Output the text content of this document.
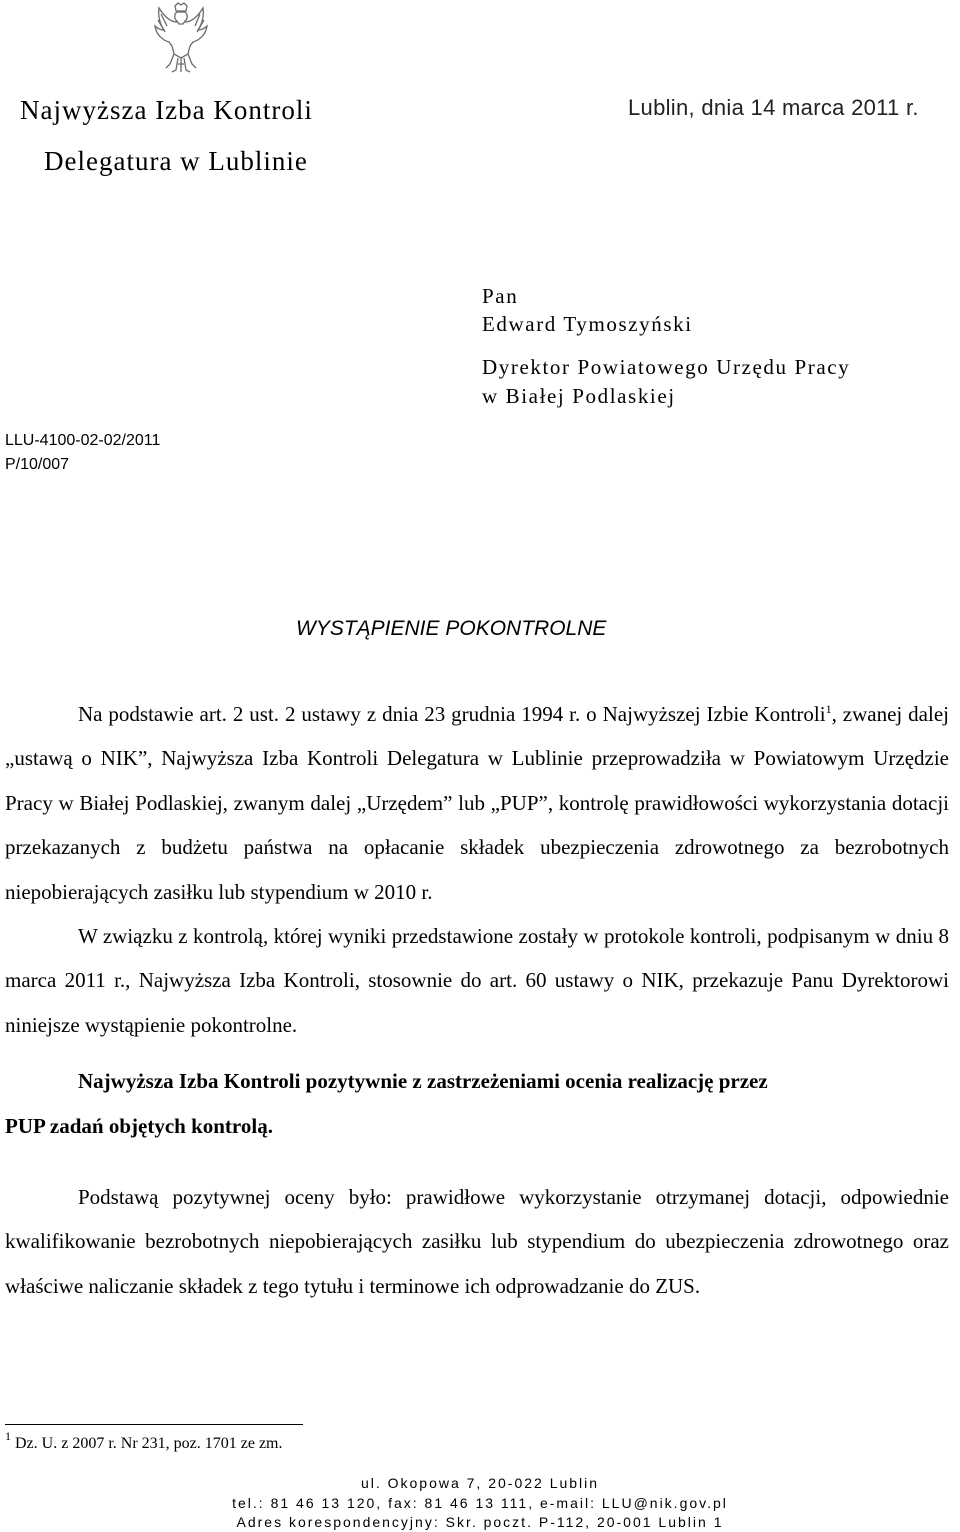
Najwyższa Izba Kontroli
Delegatura w Lublinie
Lublin, dnia 14 marca 2011 r.
Pan
Edward Tymoszyński
Dyrektor Powiatowego Urzędu Pracy
w Białej Podlaskiej
LLU-4100-02-02/2011
P/10/007
WYSTĄPIENIE POKONTROLNE

Na podstawie art. 2 ust. 2 ustawy z dnia 23 grudnia 1994 r. o Najwyższej Izbie Kontroli$^1$, zwanej dalej „ustawą o NIK”, Najwyższa Izba Kontroli Delegatura w Lublinie przeprowadziła w Powiatowym Urzędzie Pracy w Białej Podlaskiej, zwanym dalej „Urzędem” lub „PUP”, kontrolę prawidłowości wykorzystania dotacji przekazanych z budżetu państwa na opłacanie składek ubezpieczenia zdrowotnego za bezrobotnych niepobierających zasiłku lub stypendium w 2010 r.

W związku z kontrolą, której wyniki przedstawione zostały w protokole kontroli, podpisanym w dniu 8 marca 2011 r., Najwyższa Izba Kontroli, stosownie do art. 60 ustawy o NIK, przekazuje Panu Dyrektorowi niniejsze wystąpienie pokontrolne.

Najwyższa Izba Kontroli pozytywnie z zastrzeżeniami ocenia realizację przez

PUP zadań objętych kontrolą.

Podstawą pozytywnej oceny było: prawidłowe wykorzystanie otrzymanej dotacji, odpowiednie kwalifikowanie bezrobotnych niepobierających zasiłku lub stypendium do ubezpieczenia zdrowotnego oraz właściwe naliczanie składek z tego tytułu i terminowe ich odprowadzanie do ZUS.

$^1$ Dz. U. z 2007 r. Nr 231, poz. 1701 ze zm.
ul. Okopowa 7, 20-022 Lublin
tel.: 81 46 13 120, fax: 81 46 13 111, e-mail: LLU@nik.gov.pl
Adres korespondencyjny: Skr. poczt. P-112, 20-001 Lublin 1
